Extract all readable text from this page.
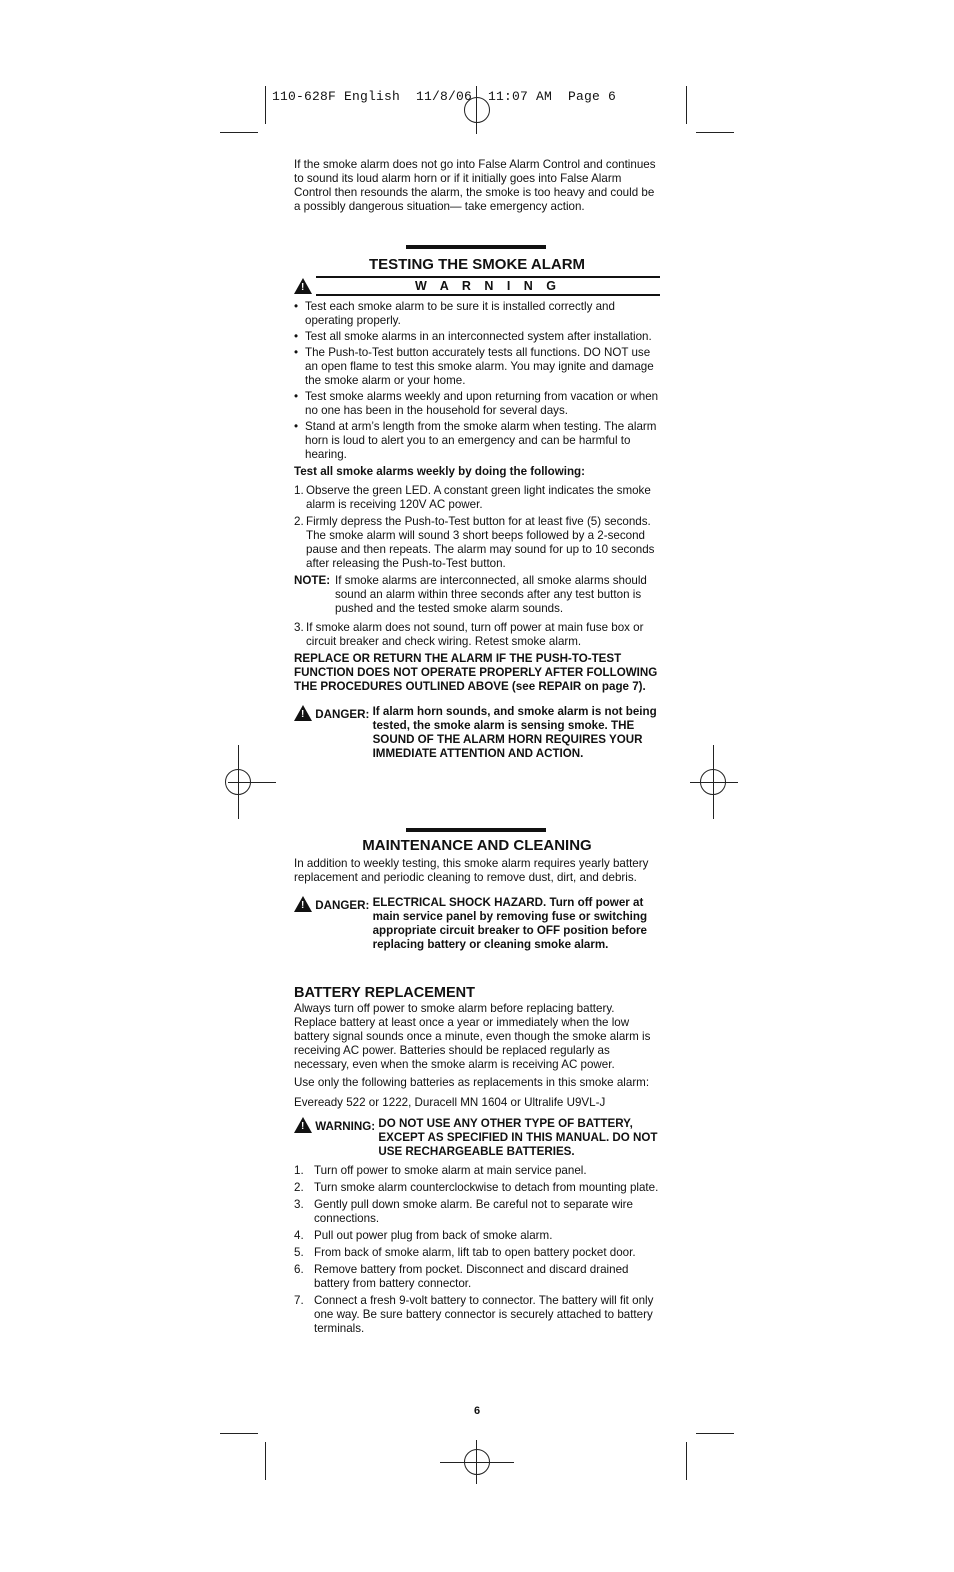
110-628F English  11/8/06  11:07 AM  Page 6

If the smoke alarm does not go into False Alarm Control and continues to sound its loud alarm horn or if it initially goes into False Alarm Control then resounds the alarm, the smoke is too heavy and could be a possibly dangerous situation— take emergency action.

TESTING THE SMOKE ALARM
!
W A R N I N G
• Test each smoke alarm to be sure it is installed correctly and operating properly.
• Test all smoke alarms in an interconnected system after installation.
• The Push-to-Test button accurately tests all functions. DO NOT use an open flame to test this smoke alarm. You may ignite and damage the smoke alarm or your home.
• Test smoke alarms weekly and upon returning from vacation or when no one has been in the household for several days.
• Stand at arm’s length from the smoke alarm when testing. The alarm horn is loud to alert you to an emergency and can be harmful to hearing.

Test all smoke alarms weekly by doing the following:

1. Observe the green LED. A constant green light indicates the smoke alarm is receiving 120V AC power.
2. Firmly depress the Push-to-Test button for at least five (5) seconds. The smoke alarm will sound 3 short beeps followed by a 2-second pause and then repeats. The alarm may sound for up to 10 seconds after releasing the Push-to-Test button.
NOTE: If smoke alarms are interconnected, all smoke alarms should sound an alarm within three seconds after any test button is pushed and the tested smoke alarm sounds.
3. If smoke alarm does not sound, turn off power at main fuse box or circuit breaker and check wiring. Retest smoke alarm.

REPLACE OR RETURN THE ALARM IF THE PUSH-TO-TEST FUNCTION DOES NOT OPERATE PROPERLY AFTER FOLLOWING THE PROCEDURES OUTLINED ABOVE (see REPAIR on page 7).

! DANGER: If alarm horn sounds, and smoke alarm is not being tested, the smoke alarm is sensing smoke. THE SOUND OF THE ALARM HORN REQUIRES YOUR IMMEDIATE ATTENTION AND ACTION.
MAINTENANCE AND CLEANING

In addition to weekly testing, this smoke alarm requires yearly battery replacement and periodic cleaning to remove dust, dirt, and debris.

! DANGER: ELECTRICAL SHOCK HAZARD. Turn off power at main service panel by removing fuse or switching appropriate circuit breaker to OFF position before replacing battery or cleaning smoke alarm.
BATTERY REPLACEMENT

Always turn off power to smoke alarm before replacing battery. Replace battery at least once a year or immediately when the low battery signal sounds once a minute, even though the smoke alarm is receiving AC power. Batteries should be replaced regularly as necessary, even when the smoke alarm is receiving AC power.

Use only the following batteries as replacements in this smoke alarm:

Eveready 522 or 1222, Duracell MN 1604 or Ultralife U9VL-J

! WARNING: DO NOT USE ANY OTHER TYPE OF BATTERY, EXCEPT AS SPECIFIED IN THIS MANUAL. DO NOT USE RECHARGEABLE BATTERIES.
1. Turn off power to smoke alarm at main service panel.
2. Turn smoke alarm counterclockwise to detach from mounting plate.
3. Gently pull down smoke alarm. Be careful not to separate wire connections.
4. Pull out power plug from back of smoke alarm.
5. From back of smoke alarm, lift tab to open battery pocket door.
6. Remove battery from pocket. Disconnect and discard drained battery from battery connector.
7. Connect a fresh 9-volt battery to connector. The battery will fit only one way. Be sure battery connector is securely attached to battery terminals.
6
